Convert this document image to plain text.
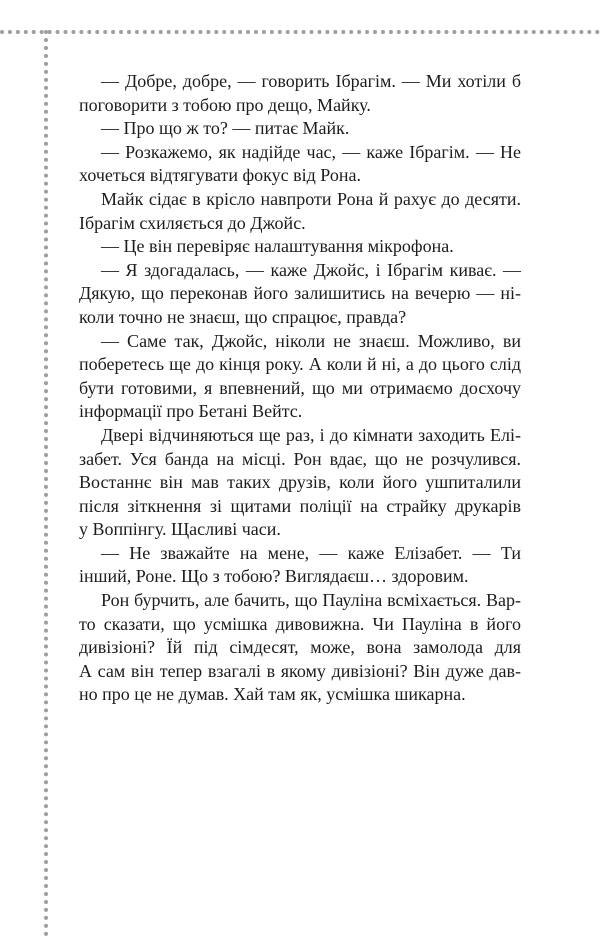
— Добре, добре, — говорить Ібрагім. — Ми хотіли б
поговорити з тобою про дещо, Майку.
— Про що ж то? — питає Майк.
— Розкажемо, як надійде час, — каже Ібрагім. — Не
хочеться відтягувати фокус від Рона.
Майк сідає в крісло навпроти Рона й рахує до десяти.
Ібрагім схиляється до Джойс.
— Це він перевіряє налаштування мікрофона.
— Я здогадалась, — каже Джойс, і Ібрагім киває. —
Дякую, що переконав його залишитись на вечерю — ні-
коли точно не знаєш, що спрацює, правда?
— Саме так, Джойс, ніколи не знаєш. Можливо, ви
поберетесь ще до кінця року. А коли й ні, а до цього слід
бути готовими, я впевнений, що ми отримаємо досхочу
інформації про Бетані Вейтс.
Двері відчиняються ще раз, і до кімнати заходить Елі-
забет. Уся банда на місці. Рон вдає, що не розчулився.
Востаннє він мав таких друзів, коли його ушпиталили
після зіткнення зі щитами поліції на страйку друкарів
у Воппінгу. Щасливі часи.
— Не зважайте на мене, — каже Елізабет. — Ти
інший, Роне. Що з тобою? Виглядаєш… здоровим.
Рон бурчить, але бачить, що Пауліна всміхається. Вар-
то сказати, що усмішка дивовижна. Чи Пауліна в його
дивізіоні? Їй під сімдесят, може, вона замолода для
А сам він тепер взагалі в якому дивізіоні? Він дуже дав-
но про це не думав. Хай там як, усмішка шикарна.
